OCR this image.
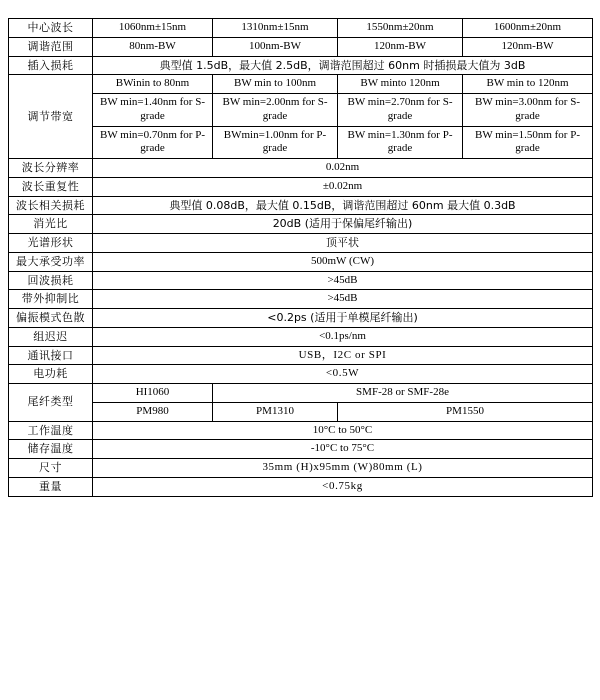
中心波长	1060nm±15nm	1310nm±15nm	1550nm±20nm	1600nm±20nm
调谐范围	80nm-BW	100nm-BW	120nm-BW	120nm-BW
插入损耗	典型值 1.5dB，最大值 2.5dB，调谐范围超过 60nm 时插损最大值为 3dB			
调节带宽	BWinin to 80nm	BW min to 100nm	BW minto 120nm	BW min to 120nm
	BW min=1.40nm for S-grade	BW min=2.00nm for S-grade	BW min=2.70nm for S-grade	BW min=3.00nm for S-grade
	BW min=0.70nm for P-grade	BWmin=1.00nm for P-grade	BW min=1.30nm for P-grade	BW min=1.50nm for P-grade
波长分辨率	0.02nm			
波长重复性	±0.02nm			
波长相关损耗	典型值 0.08dB，最大值 0.15dB，调谐范围超过 60nm 最大值 0.3dB			
消光比	20dB (适用于保偏尾纤输出)			
光谱形状	顶平状			
最大承受功率	500mW (CW)			
回波损耗	>45dB			
带外抑制比	>45dB			
偏振模式色散	<0.2ps (适用于单模尾纤输出)			
组迟迟	<0.1ps/nm			
通讯接口	USB，I2C or SPI			
电功耗	<0.5W			
尾纤类型	HI1060	SMF-28 or SMF-28e		
	PM980	PM1310	PM1550	
工作温度	10°C to 50°C			
储存温度	-10°C to 75°C			
尺寸	35mm (H)x95mm (W)80mm (L)			
重量	<0.75kg			
